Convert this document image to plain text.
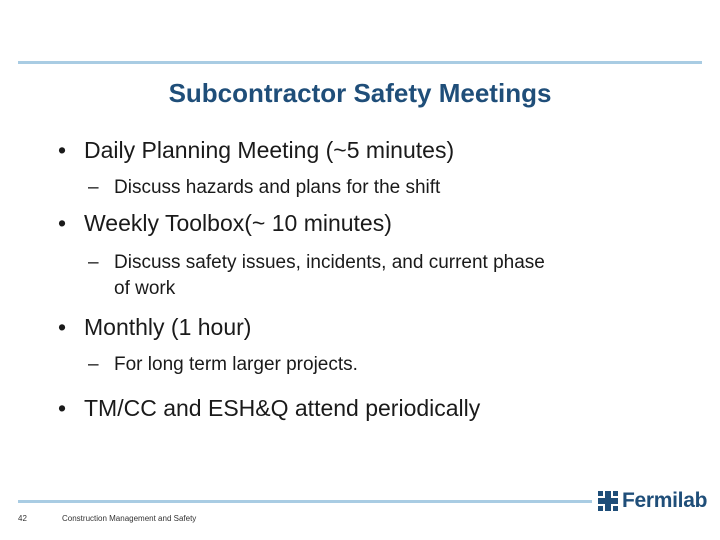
Subcontractor Safety Meetings
• Daily Planning Meeting (~5 minutes)
– Discuss hazards and plans for the shift
• Weekly Toolbox(~ 10 minutes)
– Discuss safety issues, incidents, and current phase
of work
• Monthly (1 hour)
– For long term larger projects.
• TM/CC and ESH&Q attend periodically
42	Construction Management and Safety
Fermilab
